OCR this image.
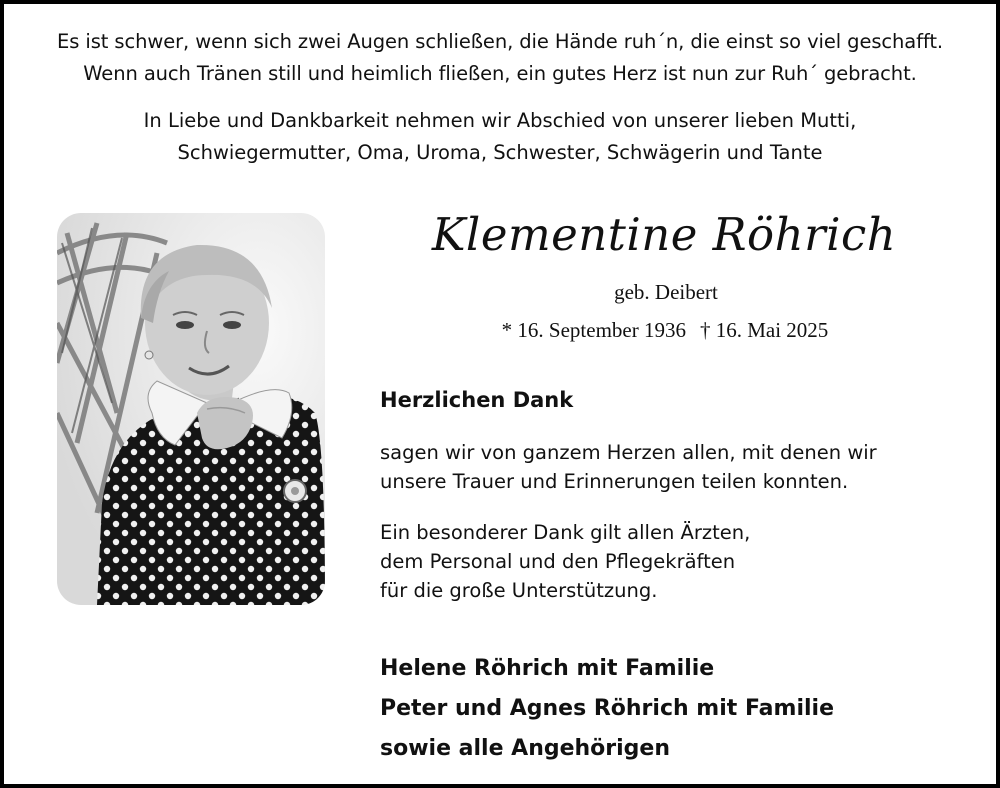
Es ist schwer, wenn sich zwei Augen schließen, die Hände ruh´n, die einst so viel geschafft.
Wenn auch Tränen still und heimlich fließen, ein gutes Herz ist nun zur Ruh´ gebracht.
In Liebe und Dankbarkeit nehmen wir Abschied von unserer lieben Mutti,
Schwiegermutter, Oma, Uroma, Schwester, Schwägerin und Tante
Klementine Röhrich
geb. Deibert
* 16. September 1936 † 16. Mai 2025
Herzlichen Dank
sagen wir von ganzem Herzen allen, mit denen wir
unsere Trauer und Erinnerungen teilen konnten.
Ein besonderer Dank gilt allen Ärzten,
dem Personal und den Pflegekräften
für die große Unterstützung.
Helene Röhrich mit Familie
Peter und Agnes Röhrich mit Familie
sowie alle Angehörigen
